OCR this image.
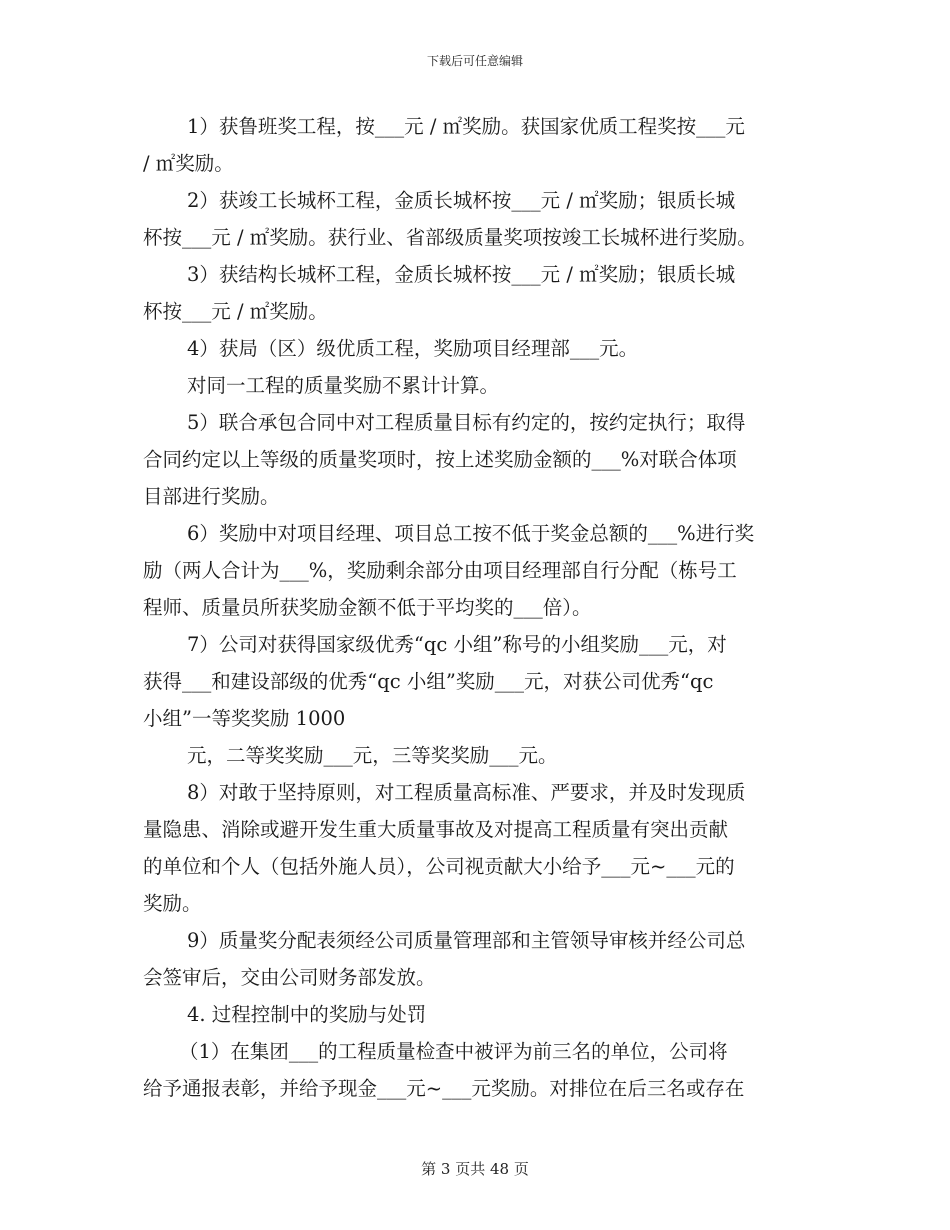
下载后可任意编辑
1）获鲁班奖工程，按___元 / ㎡奖励。获国家优质工程奖按___元
/ ㎡奖励。
2）获竣工长城杯工程，金质长城杯按___元 / ㎡奖励；银质长城
杯按___元 / ㎡奖励。获行业、省部级质量奖项按竣工长城杯进行奖励。
3）获结构长城杯工程，金质长城杯按___元 / ㎡奖励；银质长城
杯按___元 / ㎡奖励。
4）获局（区）级优质工程，奖励项目经理部___元。
对同一工程的质量奖励不累计计算。
5）联合承包合同中对工程质量目标有约定的，按约定执行；取得
合同约定以上等级的质量奖项时，按上述奖励金额的___%对联合体项
目部进行奖励。
6）奖励中对项目经理、项目总工按不低于奖金总额的___%进行奖
励（两人合计为___%，奖励剩余部分由项目经理部自行分配（栋号工
程师、质量员所获奖励金额不低于平均奖的___倍）。
7）公司对获得国家级优秀“qc 小组”称号的小组奖励___元，对
获得___和建设部级的优秀“qc 小组”奖励___元，对获公司优秀“qc
小组”一等奖奖励 1000
元，二等奖奖励___元，三等奖奖励___元。
8）对敢于坚持原则，对工程质量高标准、严要求，并及时发现质
量隐患、消除或避开发生重大质量事故及对提高工程质量有突出贡献
的单位和个人（包括外施人员），公司视贡献大小给予___元~___元的
奖励。
9）质量奖分配表须经公司质量管理部和主管领导审核并经公司总
会签审后，交由公司财务部发放。
4. 过程控制中的奖励与处罚
（1）在集团___的工程质量检查中被评为前三名的单位，公司将
给予通报表彰，并给予现金___元~___元奖励。对排位在后三名或存在
第 3 页共 48 页
